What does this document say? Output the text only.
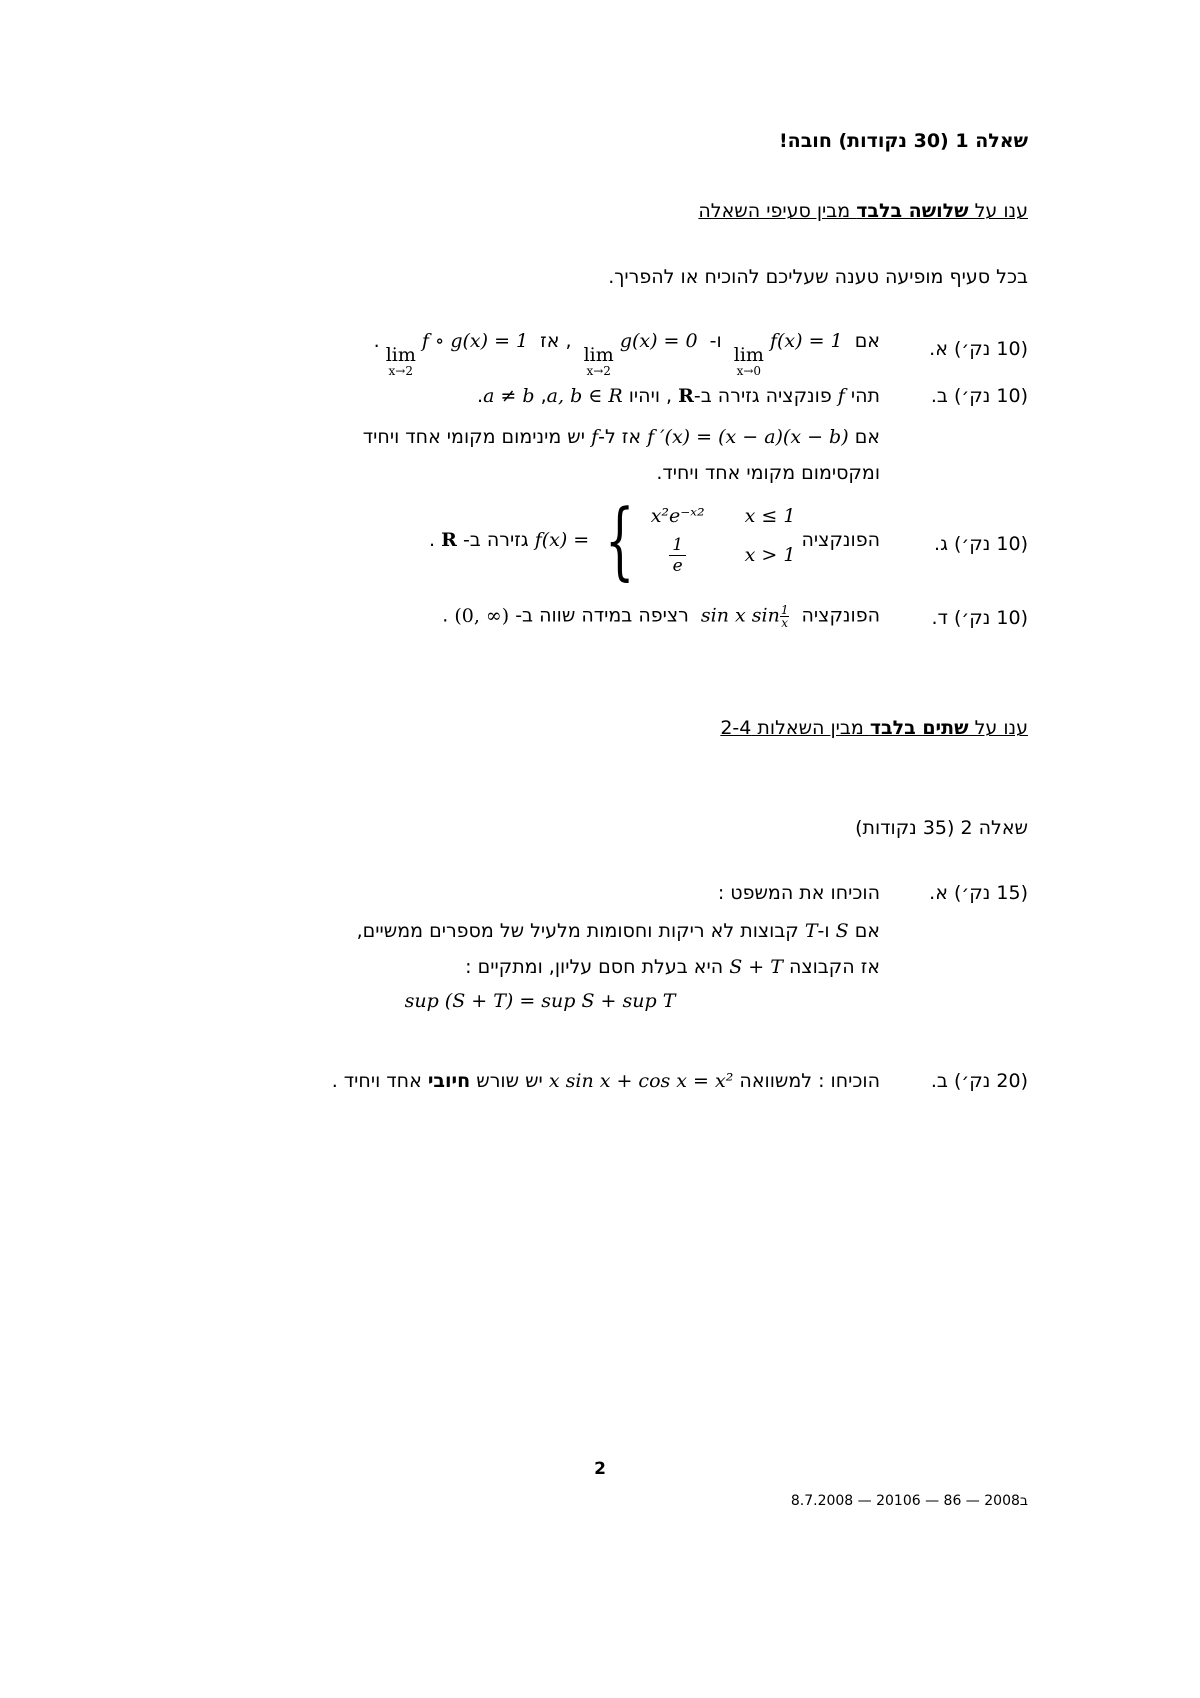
שאלה 1 (30 נקודות) חובה!
ענו על שלושה בלבד מבין סעיפי השאלה
בכל סעיף מופיעה טענה שעליכם להוכיח או להפריך.
(10 נק׳) א.
אם
lim
x→0
f(x) = 1 ו-
lim
x→2
g(x) = 0 , אז
lim
x→2
f ∘ g(x) = 1.
(10 נק׳) ב.
תהי f פונקציה גזירה ב-R , ויהיו a, b ∈ R, a ≠ b.
אם f ′(x) = (x − a)(x − b) אז ל-f יש מינימום מקומי אחד ויחיד
ומקסימום מקומי אחד ויחיד.
(10 נק׳) ג.
הפונקציה
f(x) = { x²e⁻ˣ² x ≤ 1
$\frac{1}{e}$ x > 1
גזירה ב- R .
(10 נק׳) ד.
הפונקציה sin x $\sin \frac{1}{x}$
רציפה במידה שווה ב- (0, ∞) .
ענו על שתים בלבד מבין השאלות 2-4
שאלה 2 (35 נקודות)
(15 נק׳) א.
הוכיחו את המשפט :
אם S ו-T קבוצות לא ריקות וחסומות מלעיל של מספרים ממשיים,
אז הקבוצה S + T היא בעלת חסם עליון, ומתקיים :
sup (S + T) = sup S + sup T
(20 נק׳) ב.
הוכיחו : למשוואה x sin x + cos x = x² יש שורש חיובי אחד ויחיד .
2
8.7.2008 — 20106 — 86 — ב2008
